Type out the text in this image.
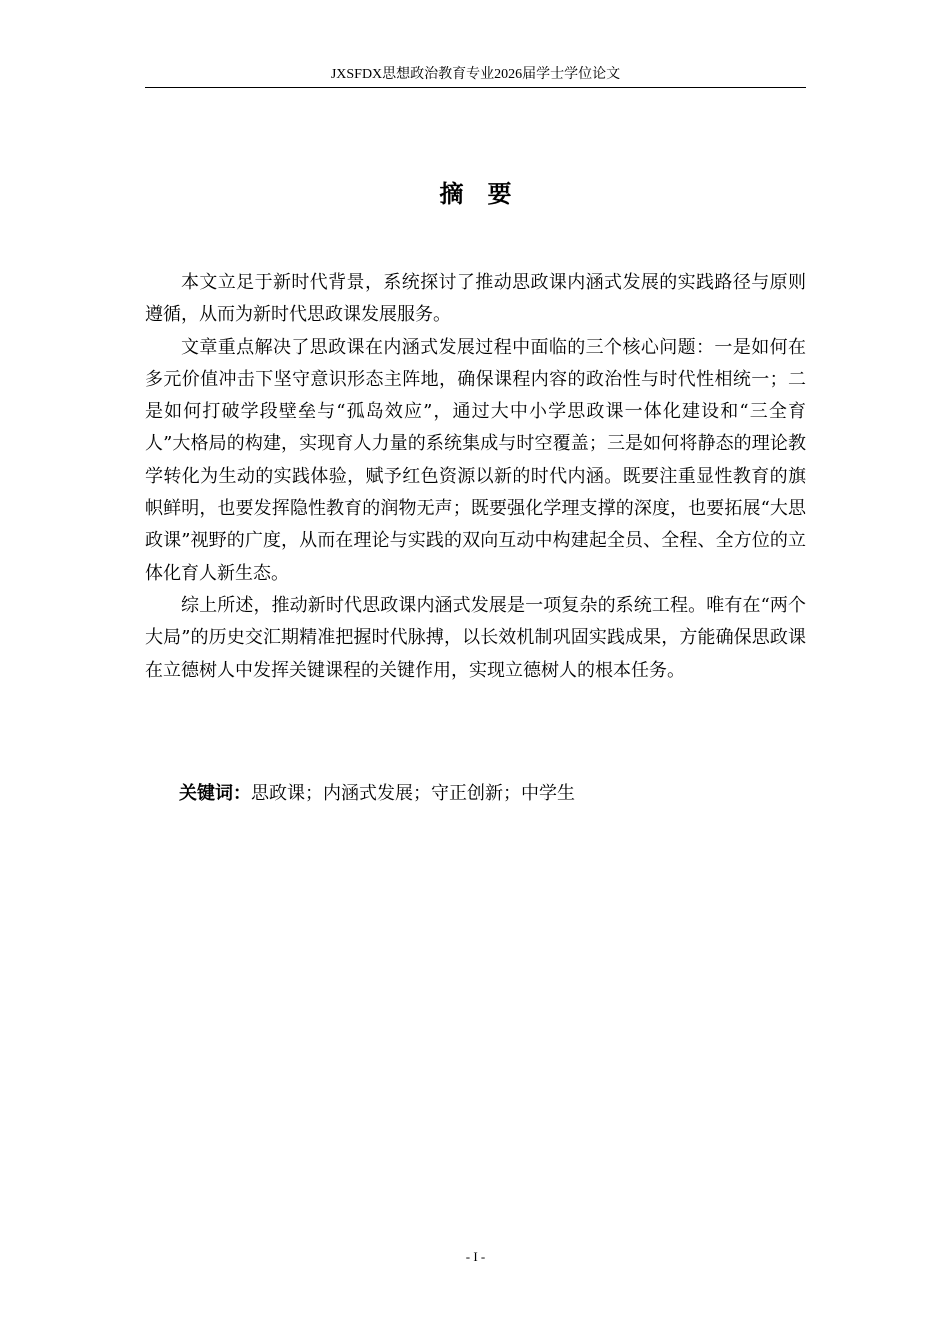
JXSFDX思想政治教育专业2026届学士学位论文
摘要

本文立足于新时代背景，系统探讨了推动思政课内涵式发展的实践路径与原则遵循，从而为新时代思政课发展服务。

文章重点解决了思政课在内涵式发展过程中面临的三个核心问题：一是如何在多元价值冲击下坚守意识形态主阵地，确保课程内容的政治性与时代性相统一；二是如何打破学段壁垒与“孤岛效应”，通过大中小学思政课一体化建设和“三全育人”大格局的构建，实现育人力量的系统集成与时空覆盖；三是如何将静态的理论教学转化为生动的实践体验，赋予红色资源以新的时代内涵。既要注重显性教育的旗帜鲜明，也要发挥隐性教育的润物无声；既要强化学理支撑的深度，也要拓展“大思政课”视野的广度，从而在理论与实践的双向互动中构建起全员、全程、全方位的立体化育人新生态。

综上所述，推动新时代思政课内涵式发展是一项复杂的系统工程。唯有在“两个大局”的历史交汇期精准把握时代脉搏，以长效机制巩固实践成果，方能确保思政课在立德树人中发挥关键课程的关键作用，实现立德树人的根本任务。

关键词：思政课；内涵式发展；守正创新；中学生
- I -
